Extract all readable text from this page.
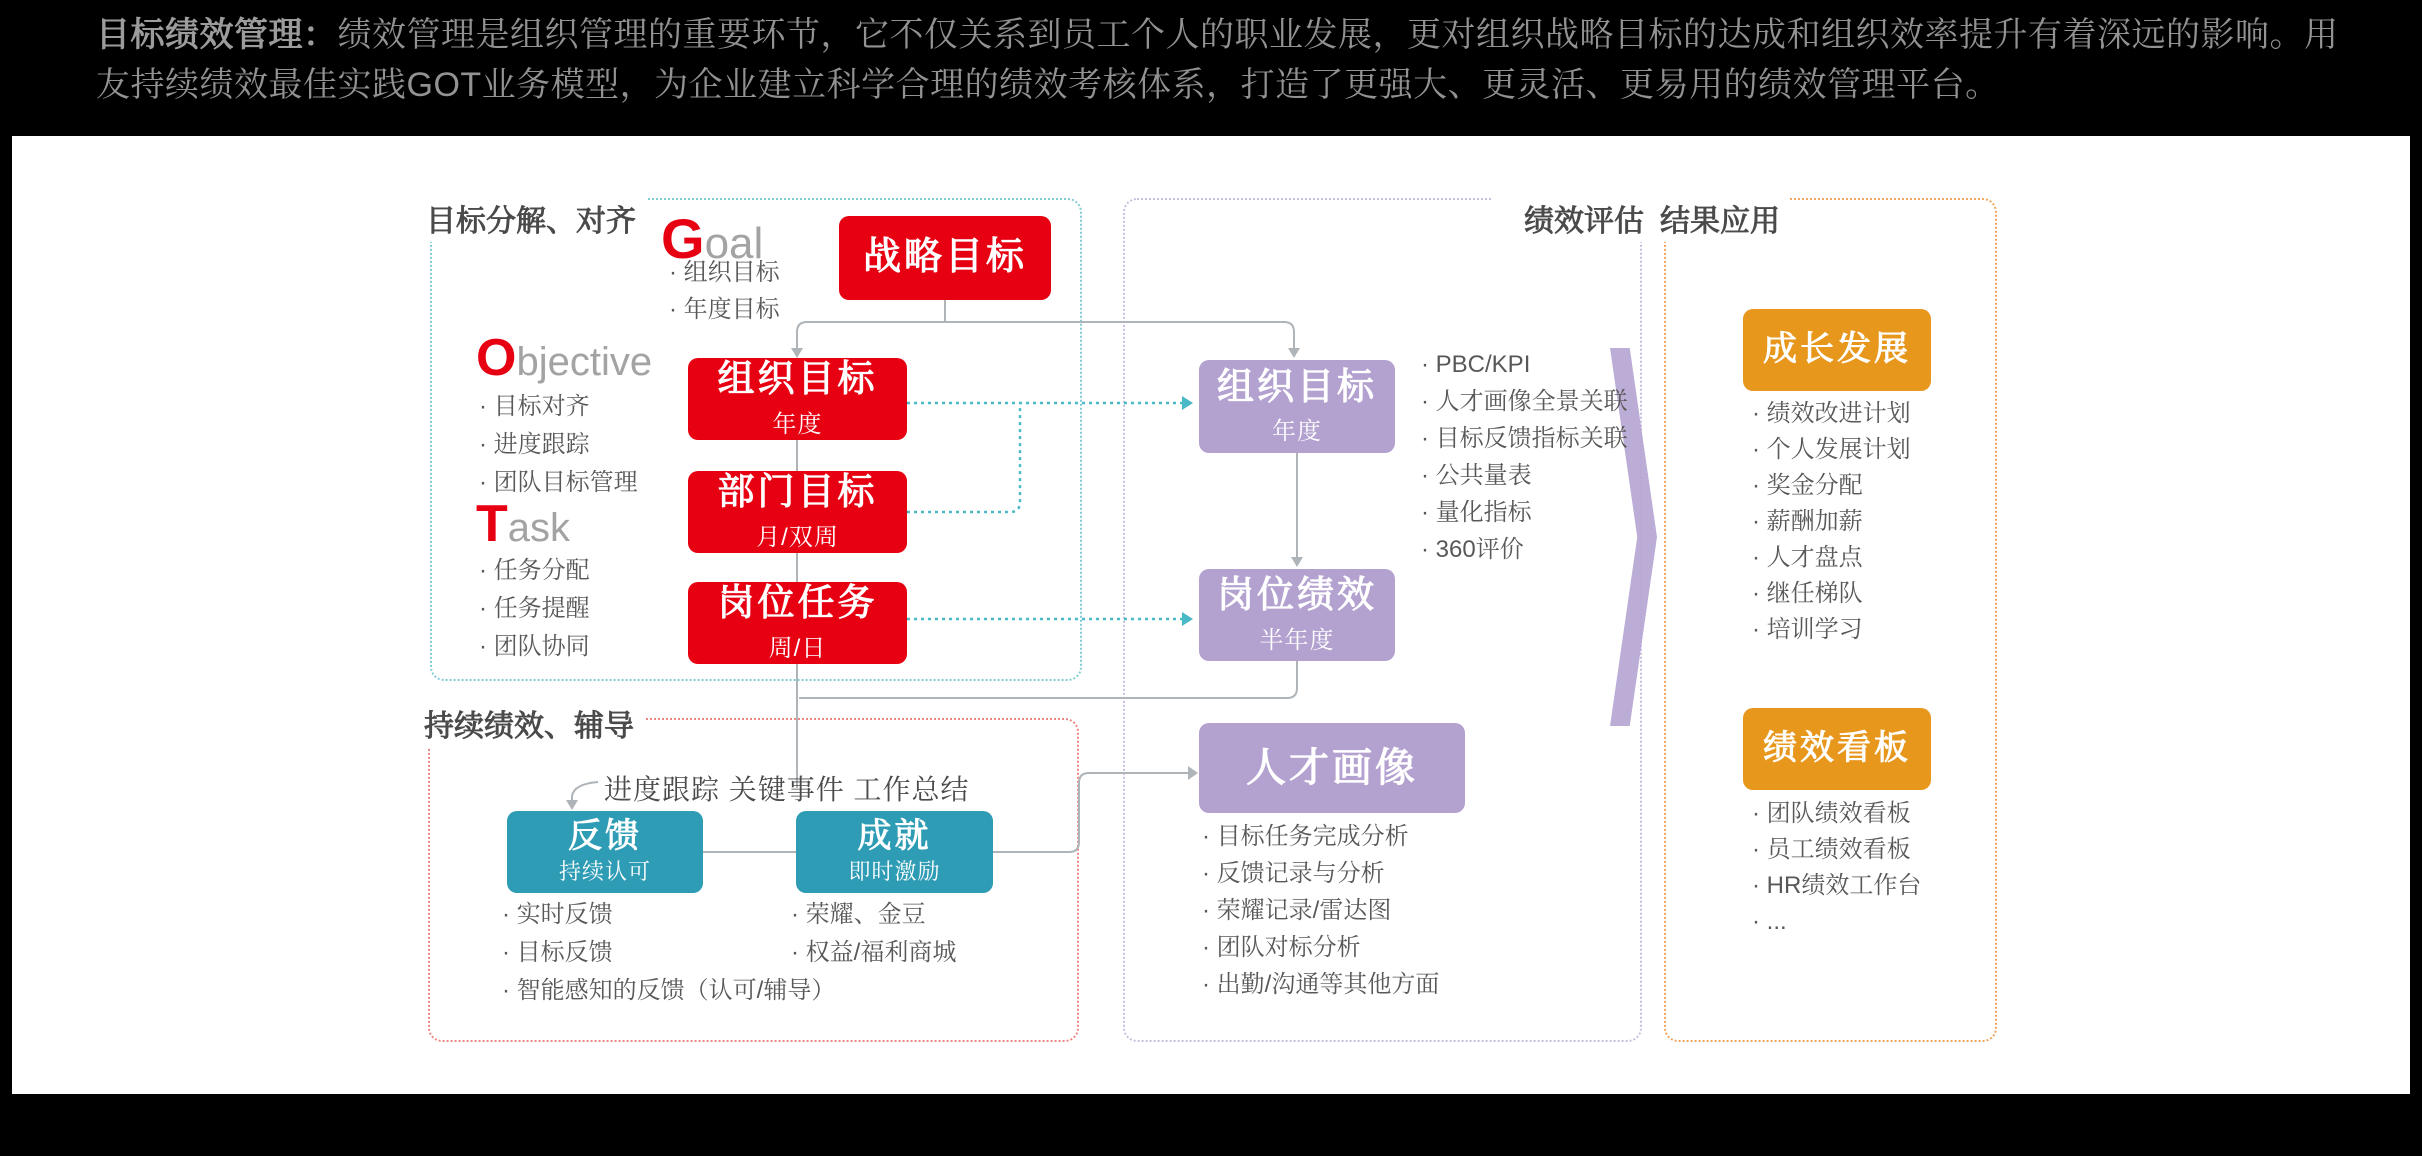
目标绩效管理：绩效管理是组织管理的重要环节，它不仅关系到员工个人的职业发展，更对组织战略目标的达成和组织效率提升有着深远的影响。用友持续绩效最佳实践GOT业务模型，为企业建立科学合理的绩效考核体系，打造了更强大、更灵活、更易用的绩效管理平台。
目标分解、对齐
持续绩效、辅导
绩效评估 结果应用
Goal
· 组织目标
· 年度目标
Objective
· 目标对齐
· 进度跟踪
· 团队目标管理
Task
· 任务分配
· 任务提醒
· 团队协同
战略目标
组织目标
年度
部门目标
月/双周
岗位任务
周/日
组织目标
年度
岗位绩效
半年度
人才画像
成长发展
绩效看板
反馈
持续认可
成就
即时激励
· PBC/KPI
· 人才画像全景关联
· 目标反馈指标关联
· 公共量表
· 量化指标
· 360评价
· 目标任务完成分析
· 反馈记录与分析
· 荣耀记录/雷达图
· 团队对标分析
· 出勤/沟通等其他方面
· 绩效改进计划
· 个人发展计划
· 奖金分配
· 薪酬加薪
· 人才盘点
· 继任梯队
· 培训学习
· 团队绩效看板
· 员工绩效看板
· HR绩效工作台
· ...
· 实时反馈
· 目标反馈
· 智能感知的反馈（认可/辅导）
· 荣耀、金豆
· 权益/福利商城
进度跟踪 关键事件 工作总结
